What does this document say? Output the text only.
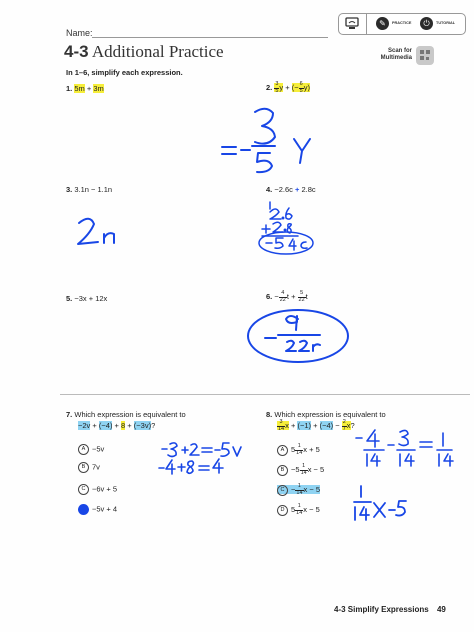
✎	PRACTICE	⏻	TUTORIAL
Name:
4-3 Additional Practice	Scan for Multimedia
In 1–6, simplify each expression.
1. 5m + 3m	2. $\frac{3}{5}$ y + (− $\frac{6}{5} y$)
3. 3.1n − 1.1n	4. −2.6c + 2.8c
5. −3x + 12x	6. − $\frac{4}{22}$ $t + \frac{5}{22}$ t
7. Which expression is equivalent to
−2v + (−4) + 8 + (−3v)?
A −5v
B 7v
C −6v + 5
D −5v + 4
8. Which expression is equivalent to
$\frac{3}{14}$ $x + (-1) + (-4) - \frac{2}{7} x$?
A $5 \frac{1}{14}$ x + 5
$B -5 \frac{1}{14}$ x − 5
$C - \frac{1}{14}$ x − 5
D $5 \frac{1}{14}$ x − 5
4-3 Simplify Expressions 49
